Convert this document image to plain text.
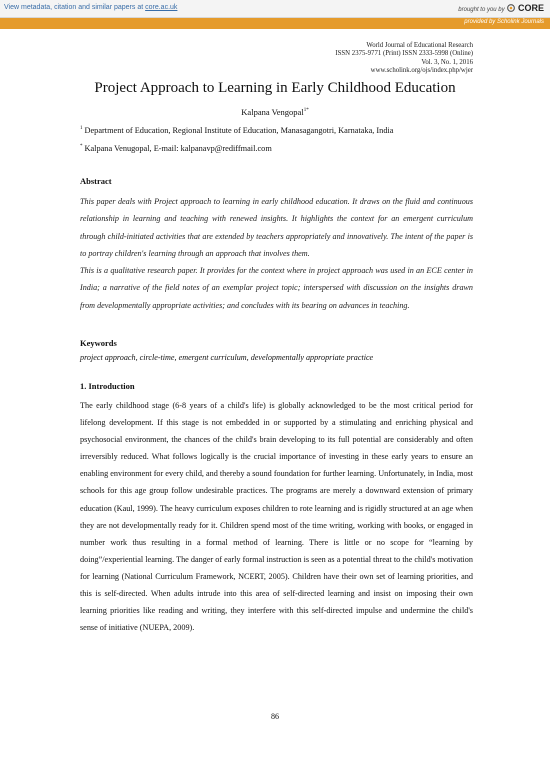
View metadata, citation and similar papers at core.ac.uk	brought to you by CORE
provided by Scholink Journals
World Journal of Educational Research
ISSN 2375-9771 (Print) ISSN 2333-5998 (Online)
Vol. 3, No. 1, 2016
www.scholink.org/ojs/index.php/wjer
Project Approach to Learning in Early Childhood Education
Kalpana Vengopal$^{1*}$
$^1$ Department of Education, Regional Institute of Education, Manasagangotri, Karnataka, India
* Kalpana Venugopal, E-mail: kalpanavp@rediffmail.com
Abstract

This paper deals with Project approach to learning in early childhood education. It draws on the fluid and continuous relationship in learning and teaching with renewed insights. It highlights the context for an emergent curriculum through child-initiated activities that are extended by teachers appropriately and innovatively. The intent of the paper is to portray children's learning through an approach that involves them.

This is a qualitative research paper. It provides for the context where in project approach was used in an ECE center in India; a narrative of the field notes of an exemplar project topic; interspersed with discussion on the insights drawn from developmentally appropriate activities; and concludes with its bearing on advances in teaching.

Keywords
project approach, circle-time, emergent curriculum, developmentally appropriate practice
1. Introduction

The early childhood stage (6-8 years of a child's life) is globally acknowledged to be the most critical period for lifelong development. If this stage is not embedded in or supported by a stimulating and enriching physical and psychosocial environment, the chances of the child's brain developing to its full potential are considerably and often irreversibly reduced. What follows logically is the crucial importance of investing in these early years to ensure an enabling environment for every child, and thereby a sound foundation for further learning. Unfortunately, in India, most schools for this age group follow undesirable practices. The programs are merely a downward extension of primary education (Kaul, 1999). The heavy curriculum exposes children to rote learning and is rigidly structured at an age when they are not developmentally ready for it. Children spend most of the time writing, working with books, or engaged in number work thus resulting in a formal method of learning. There is little or no scope for “learning by doing”/experiential learning. The danger of early formal instruction is seen as a potential threat to the child's motivation for learning (National Curriculum Framework, NCERT, 2005). Children have their own set of learning priorities, and this is self-directed. When adults intrude into this area of self-directed learning and insist on imposing their own learning priorities like reading and writing, they interfere with this self-directed impulse and undermine the child's sense of initiative (NUEPA, 2009).

86
